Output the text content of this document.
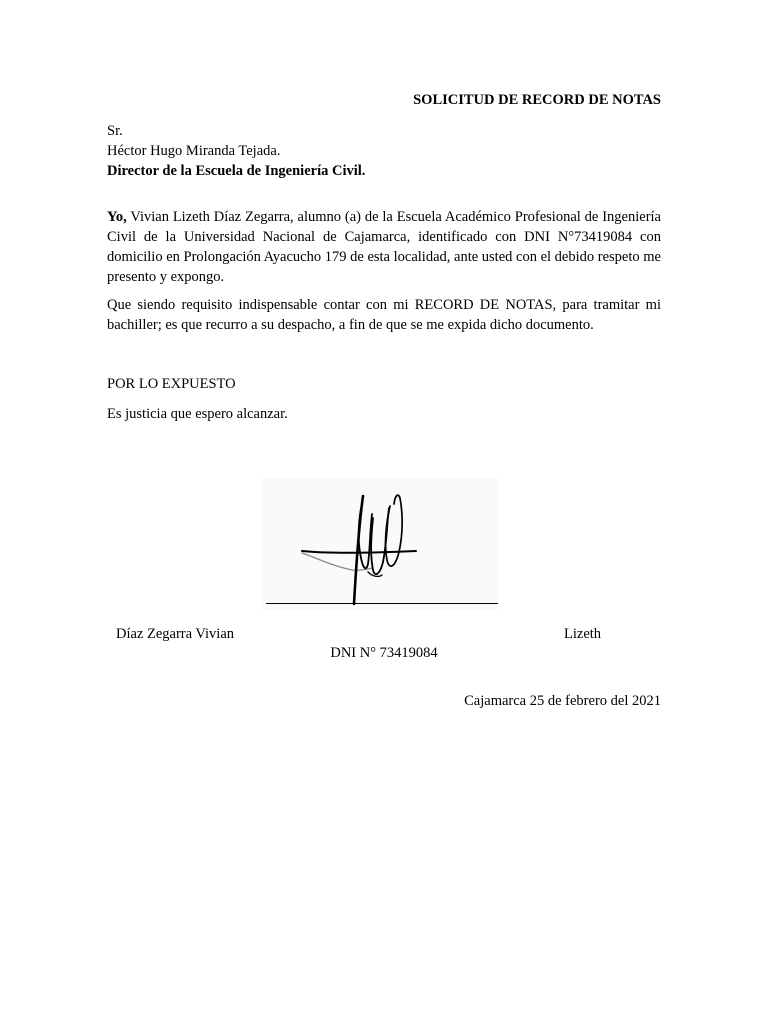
SOLICITUD DE RECORD DE NOTAS
Sr.
Héctor Hugo Miranda Tejada.
Director de la Escuela de Ingeniería Civil.
Yo, Vivian Lizeth Díaz Zegarra, alumno (a) de la Escuela Académico Profesional de Ingeniería Civil de la Universidad Nacional de Cajamarca, identificado con DNI N°73419084 con domicilio en Prolongación Ayacucho 179 de esta localidad, ante usted con el debido respeto me presento y expongo.
Que siendo requisito indispensable contar con mi RECORD DE NOTAS, para tramitar mi bachiller; es que recurro a su despacho, a fin de que se me expida dicho documento.
POR LO EXPUESTO
Es justicia que espero alcanzar.
Díaz Zegarra Vivian	Lizeth
DNI N° 73419084
Cajamarca 25 de febrero del 2021
